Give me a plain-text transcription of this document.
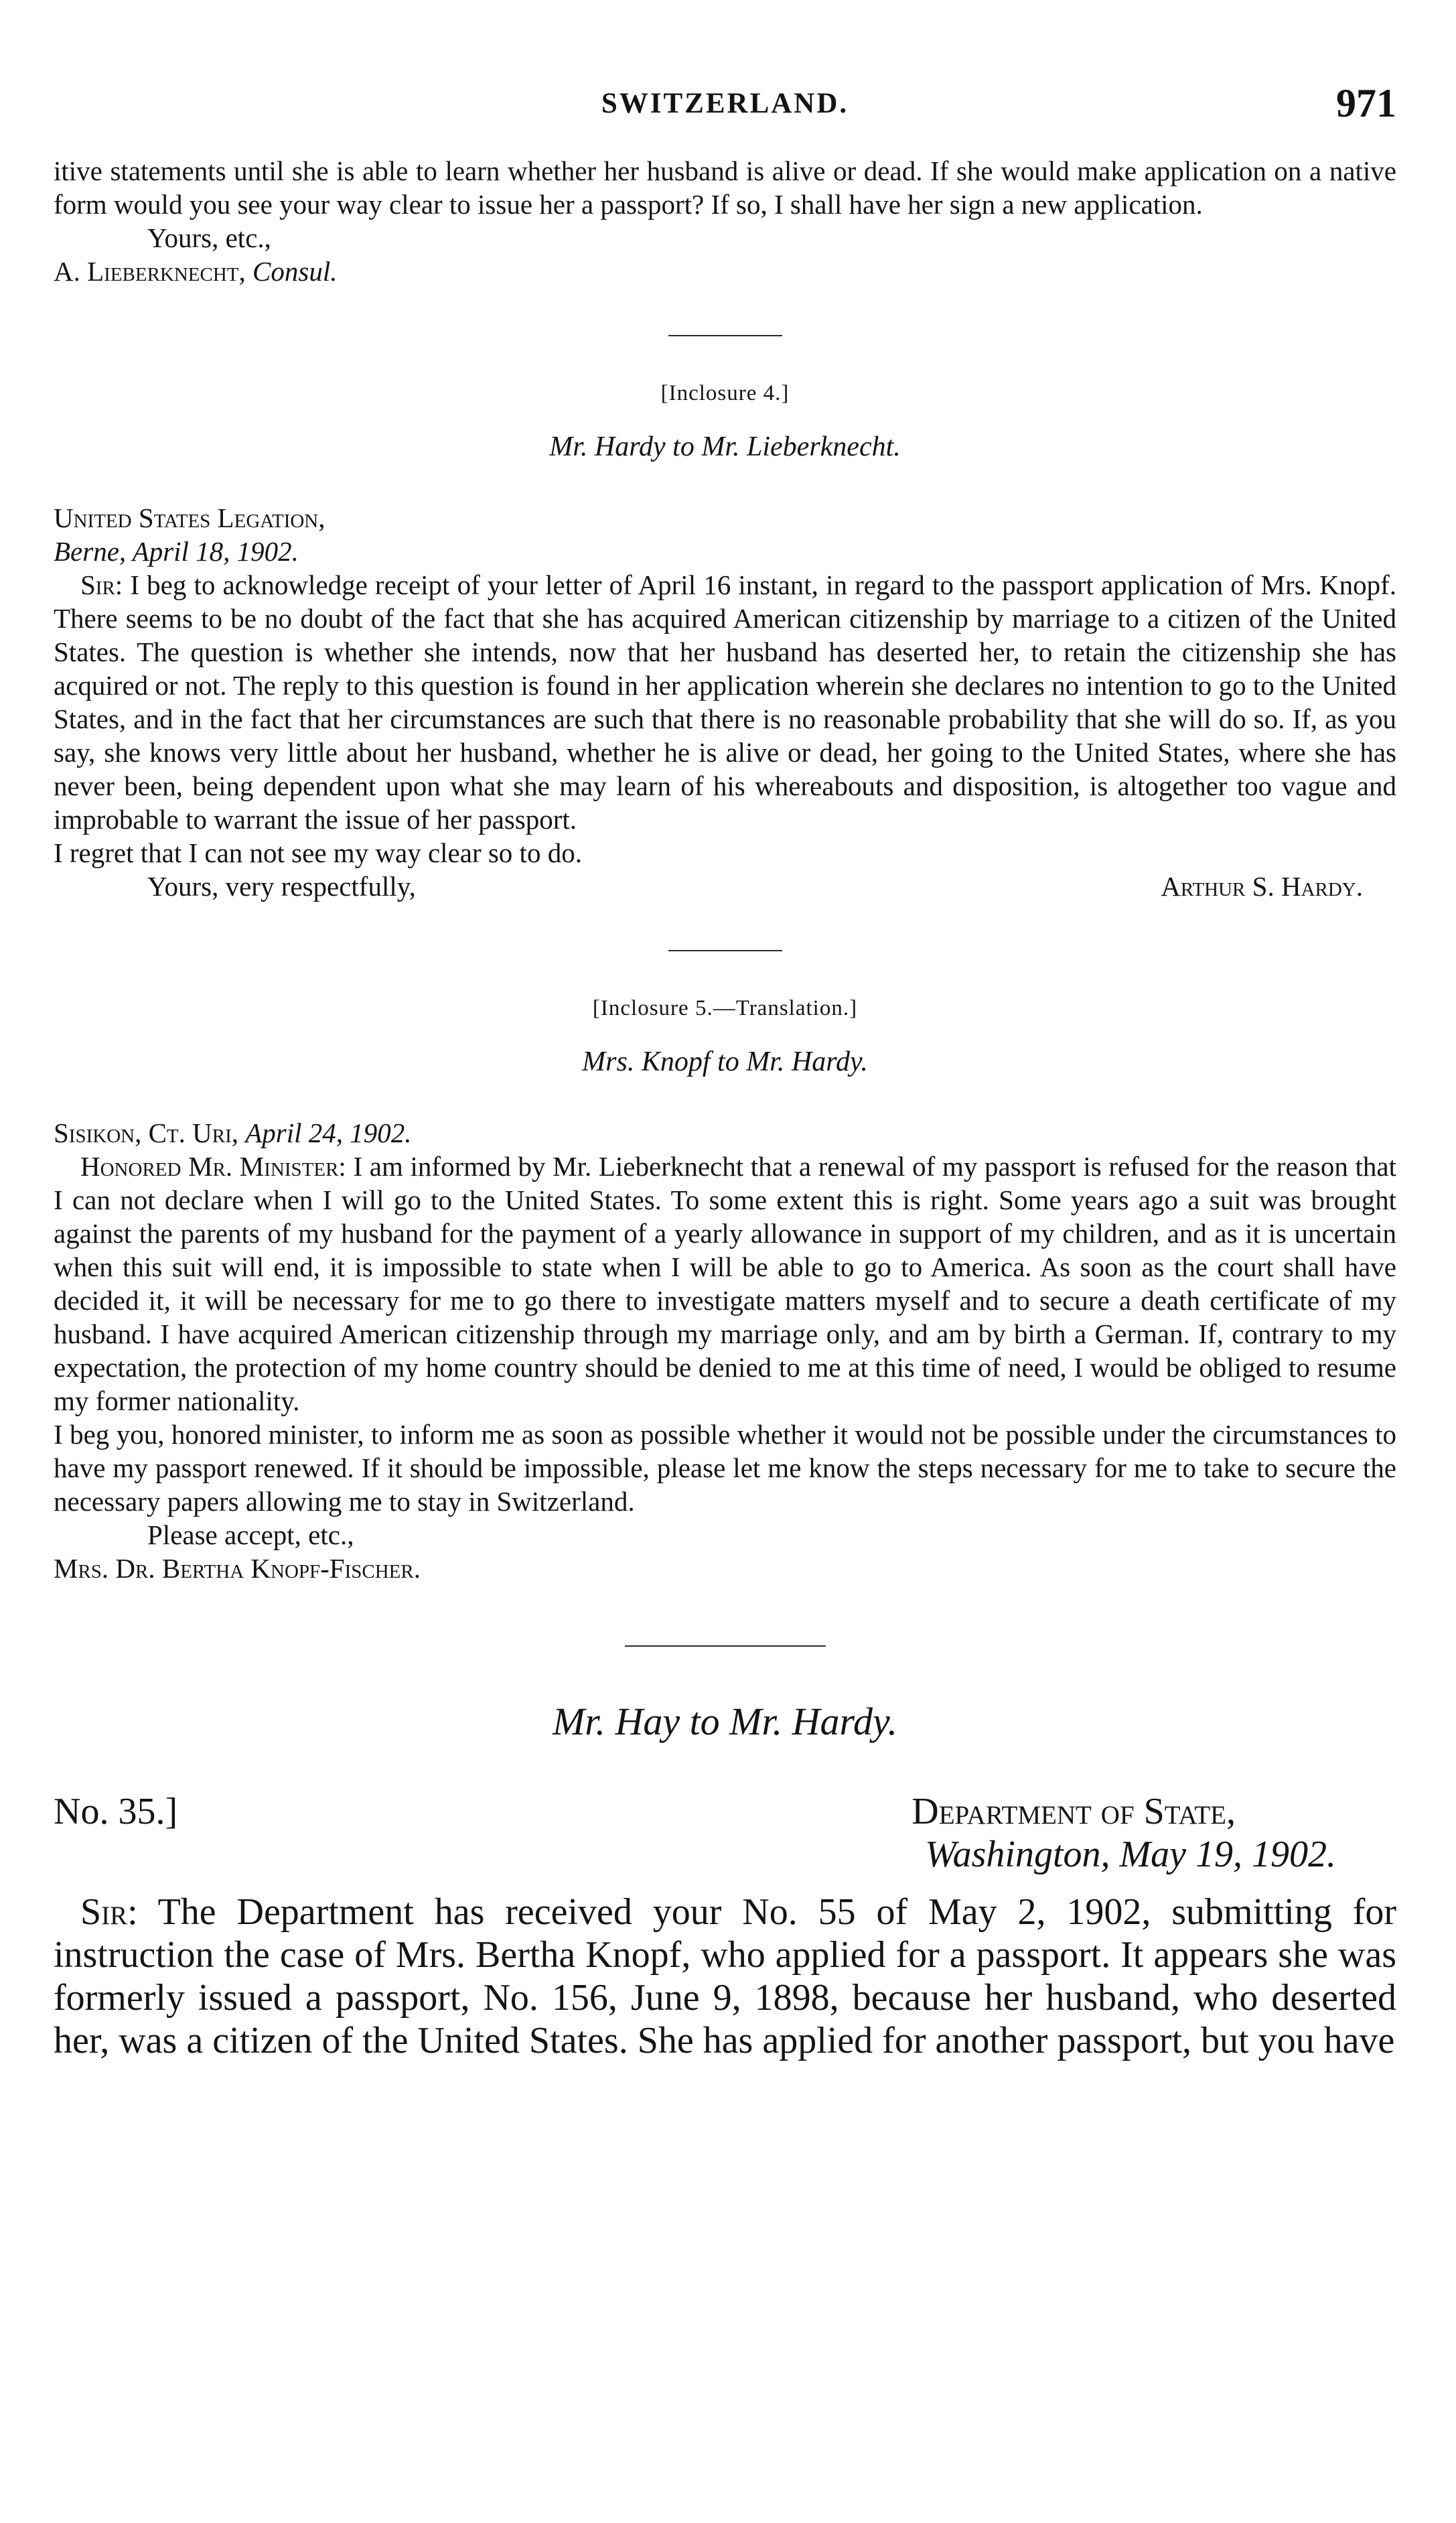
SWITZERLAND.	971

itive statements until she is able to learn whether her husband is alive or dead. If she would make application on a native form would you see your way clear to issue her a passport? If so, I shall have her sign a new application.

Yours, etc.,

A. Lieberknecht, Consul.

[Inclosure 4.]
Mr. Hardy to Mr. Lieberknecht.

United States Legation,

Berne, April 18, 1902.

Sir: I beg to acknowledge receipt of your letter of April 16 instant, in regard to the passport application of Mrs. Knopf. There seems to be no doubt of the fact that she has acquired American citizenship by marriage to a citizen of the United States. The question is whether she intends, now that her husband has deserted her, to retain the citizenship she has acquired or not. The reply to this question is found in her application wherein she declares no intention to go to the United States, and in the fact that her circumstances are such that there is no reasonable probability that she will do so. If, as you say, she knows very little about her husband, whether he is alive or dead, her going to the United States, where she has never been, being dependent upon what she may learn of his whereabouts and disposition, is altogether too vague and improbable to warrant the issue of her passport.

I regret that I can not see my way clear so to do.

Yours, very respectfully,	Arthur S. Hardy.
[Inclosure 5.—Translation.]
Mrs. Knopf to Mr. Hardy.

Sisikon, Ct. Uri, April 24, 1902.

Honored Mr. Minister: I am informed by Mr. Lieberknecht that a renewal of my passport is refused for the reason that I can not declare when I will go to the United States. To some extent this is right. Some years ago a suit was brought against the parents of my husband for the payment of a yearly allowance in support of my children, and as it is uncertain when this suit will end, it is impossible to state when I will be able to go to America. As soon as the court shall have decided it, it will be necessary for me to go there to investigate matters myself and to secure a death certificate of my husband. I have acquired American citizenship through my marriage only, and am by birth a German. If, contrary to my expectation, the protection of my home country should be denied to me at this time of need, I would be obliged to resume my former nationality.

I beg you, honored minister, to inform me as soon as possible whether it would not be possible under the circumstances to have my passport renewed. If it should be impossible, please let me know the steps necessary for me to take to secure the necessary papers allowing me to stay in Switzerland.

Please accept, etc.,

Mrs. Dr. Bertha Knopf-Fischer.

Mr. Hay to Mr. Hardy.
No. 35.]	Department of State,

Washington, May 19, 1902.

Sir: The Department has received your No. 55 of May 2, 1902, submitting for instruction the case of Mrs. Bertha Knopf, who applied for a passport. It appears she was formerly issued a passport, No. 156, June 9, 1898, because her husband, who deserted her, was a citizen of the United States. She has applied for another passport, but you have
